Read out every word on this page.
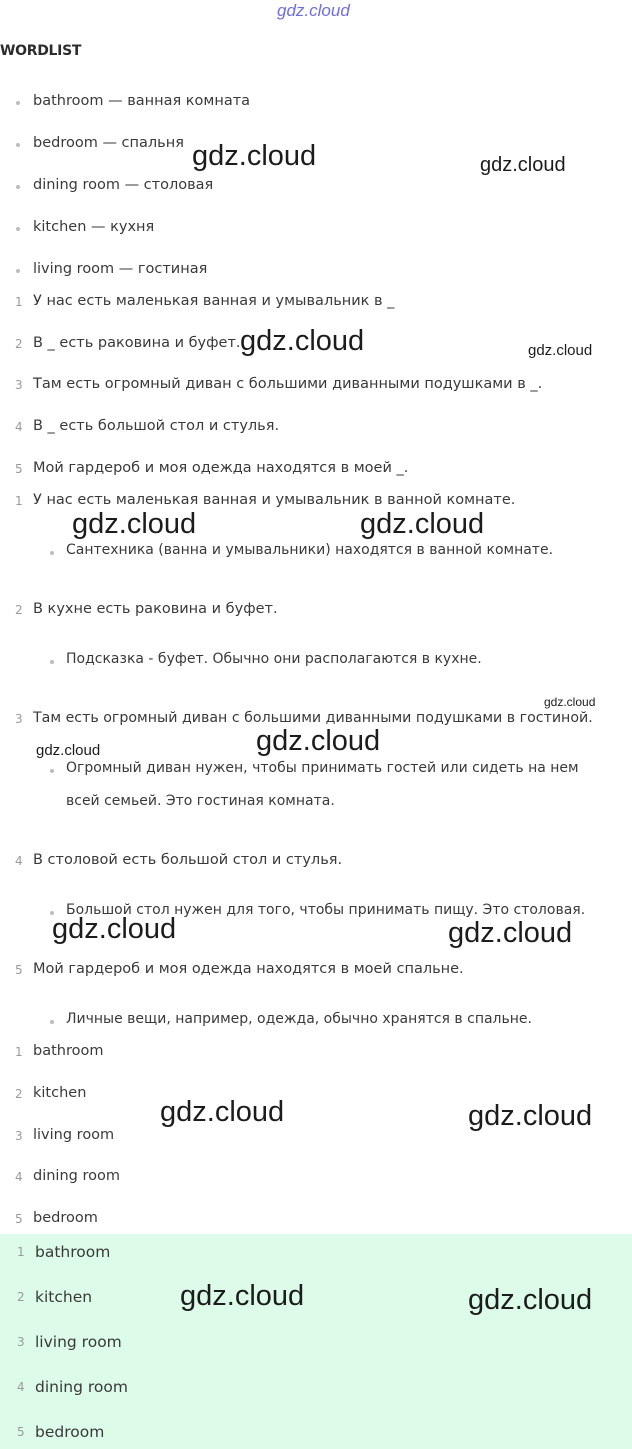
gdz.cloud
WORDLIST
bathroom — ванная комната
bedroom — спальня
dining room — столовая
kitchen — кухня
living room — гостиная
1 У нас есть маленькая ванная и умывальник в _
2 В _ есть раковина и буфет.
3 Там есть огромный диван с большими диванными подушками в _.
4 В _ есть большой стол и стулья.
5 Мой гардероб и моя одежда находятся в моей _.
1 У нас есть маленькая ванная и умывальник в ванной комнате.
Сантехника (ванна и умывальники) находятся в ванной комнате.
2 В кухне есть раковина и буфет.
Подсказка - буфет. Обычно они располагаются в кухне.
3 Там есть огромный диван с большими диванными подушками в гостиной.
Огромный диван нужен, чтобы принимать гостей или сидеть на нем
всей семьей. Это гостиная комната.
4 В столовой есть большой стол и стулья.
Большой стол нужен для того, чтобы принимать пищу. Это столовая.
5 Мой гардероб и моя одежда находятся в моей спальне.
Личные вещи, например, одежда, обычно хранятся в спальне.
1 bathroom
2 kitchen
3 living room
4 dining room
5 bedroom
1 bathroom
2 kitchen
3 living room
4 dining room
5 bedroom
gdz.cloud	gdz.cloud
gdz.cloud	gdz.cloud
gdz.cloud	gdz.cloud
gdz.cloud
gdz.cloud
gdz.cloud
gdz.cloud	gdz.cloud
gdz.cloud	gdz.cloud
gdz.cloud	gdz.cloud
